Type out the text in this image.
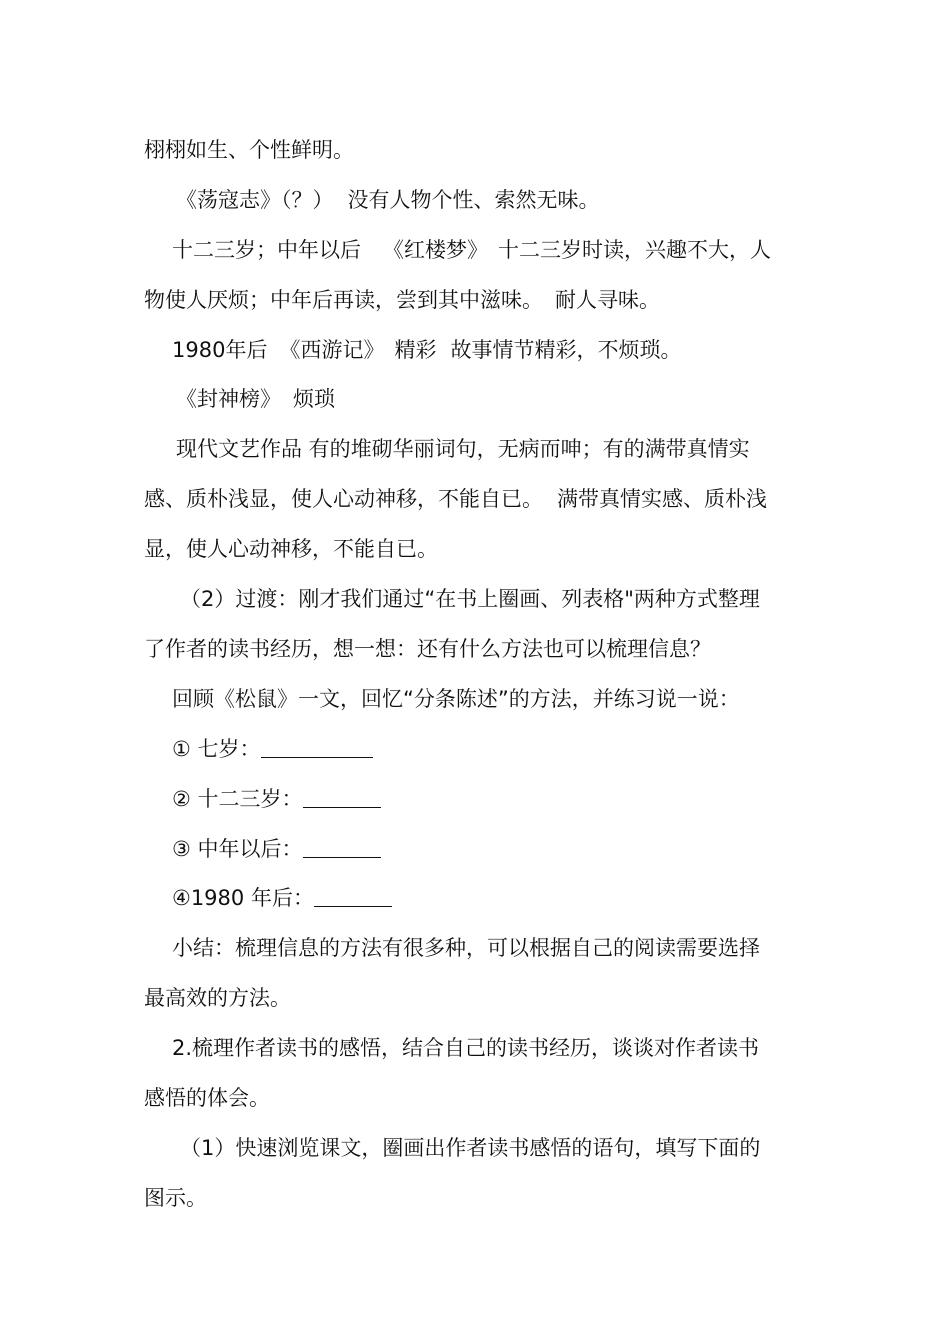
栩栩如生、个性鲜明。
《荡寇志》（？） 没有人物个性、索然无味。
十二三岁；中年以后 《红楼梦》 十二三岁时读，兴趣不大，人
物使人厌烦；中年后再读，尝到其中滋味。 耐人寻味。
1980年后 《西游记》 精彩 故事情节精彩，不烦琐。
《封神榜》 烦琐
现代文艺作品 有的堆砌华丽词句，无病而呻；有的满带真情实
感、质朴浅显，使人心动神移，不能自已。 满带真情实感、质朴浅
显，使人心动神移，不能自已。
（2）过渡：刚才我们通过“在书上圈画、列表格"两种方式整理
了作者的读书经历，想一想：还有什么方法也可以梳理信息？
回顾《松鼠》一文，回忆“分条陈述”的方法，并练习说一说：
① 七岁：
② 十二三岁：
③ 中年以后：
④1980 年后：
小结：梳理信息的方法有很多种，可以根据自己的阅读需要选择
最高效的方法。
2.梳理作者读书的感悟，结合自己的读书经历，谈谈对作者读书
感悟的体会。
（1）快速浏览课文，圈画出作者读书感悟的语句，填写下面的
图示。
